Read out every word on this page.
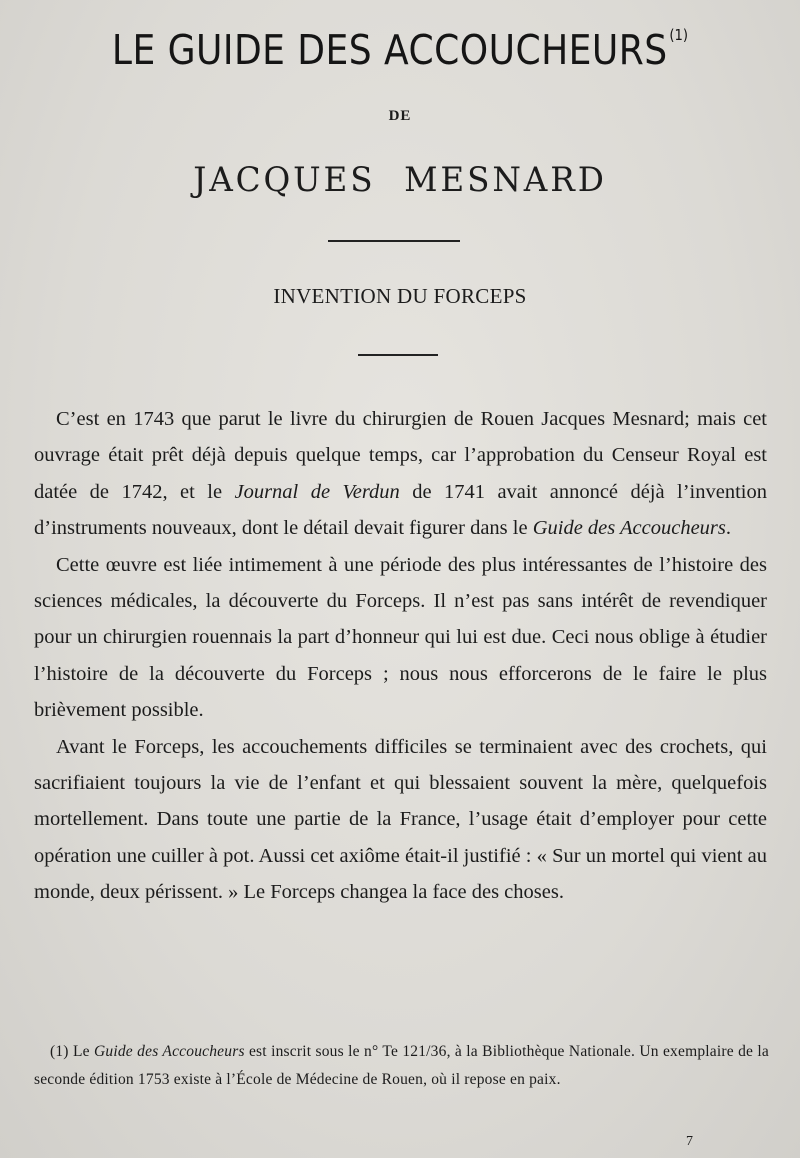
LE GUIDE DES ACCOUCHEURS $^{(1)}$
DE
JACQUES MESNARD
INVENTION DU FORCEPS

C’est en 1743 que parut le livre du chirurgien de Rouen Jacques Mesnard; mais cet ouvrage était prêt déjà depuis quelque temps, car l’approbation du Censeur Royal est datée de 1742, et le Journal de Verdun de 1741 avait annoncé déjà l’invention d’instruments nouveaux, dont le détail devait figurer dans le Guide des Accoucheurs.

Cette œuvre est liée intimement à une période des plus intéressantes de l’histoire des sciences médicales, la découverte du Forceps. Il n’est pas sans intérêt de revendiquer pour un chirurgien rouennais la part d’honneur qui lui est due. Ceci nous oblige à étudier l’histoire de la découverte du Forceps ; nous nous efforcerons de le faire le plus brièvement possible.

Avant le Forceps, les accouchements difficiles se terminaient avec des crochets, qui sacrifiaient toujours la vie de l’enfant et qui blessaient souvent la mère, quelquefois mortellement. Dans toute une partie de la France, l’usage était d’employer pour cette opération une cuiller à pot. Aussi cet axiôme était-il justifié : « Sur un mortel qui vient au monde, deux périssent. » Le Forceps changea la face des choses.

(1) Le Guide des Accoucheurs est inscrit sous le n° Te 121/36, à la Bibliothèque Nationale. Un exemplaire de la seconde édition 1753 existe à l’École de Médecine de Rouen, où il repose en paix.

7
